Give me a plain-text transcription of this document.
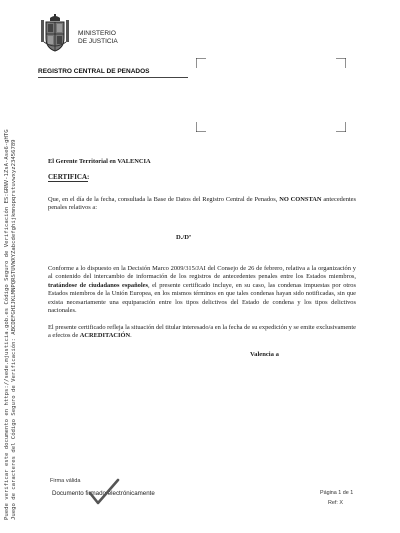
Puede verificar este documento en https://sede.mjusticia.gob.es Código Seguro de Verificación ES:GRNV-1ZsA-Ase6-gHTG Juego de caracteres del Código Seguro de Verificación: ABCDEFGHIJKLMNPQRSTUVWXYZabcdefghijkmnopqrstuvwxyz23456789
MINISTERIO
DE JUSTICIA
REGISTRO CENTRAL DE PENADOS
El Gerente Territorial en VALENCIA
CERTIFICA:
Que, en el día de la fecha, consultada la Base de Datos del Registro Central de Penados, NO CONSTAN antecedentes penales relativos a:
D./Dª
Conforme a lo dispuesto en la Decisión Marco 2009/315/JAI del Consejo de 26 de febrero, relativa a la organización y al contenido del intercambio de información de los registros de antecedentes penales entre los Estados miembros, tratándose de ciudadanos españoles, el presente certificado incluye, en su caso, las condenas impuestas por otros Estados miembros de la Unión Europea, en los mismos términos en que tales condenas hayan sido notificadas, sin que exista necesariamente una equiparación entre los tipos delictivos del Estado de condena y los tipos delictivos nacionales.
El presente certificado refleja la situación del titular interesado/a en la fecha de su expedición y se emite exclusivamente a efectos de ACREDITACIÓN.
Valencia a
Firma válida
Documento firmado electrónicamente	Página 1 de 1
Ref: X
